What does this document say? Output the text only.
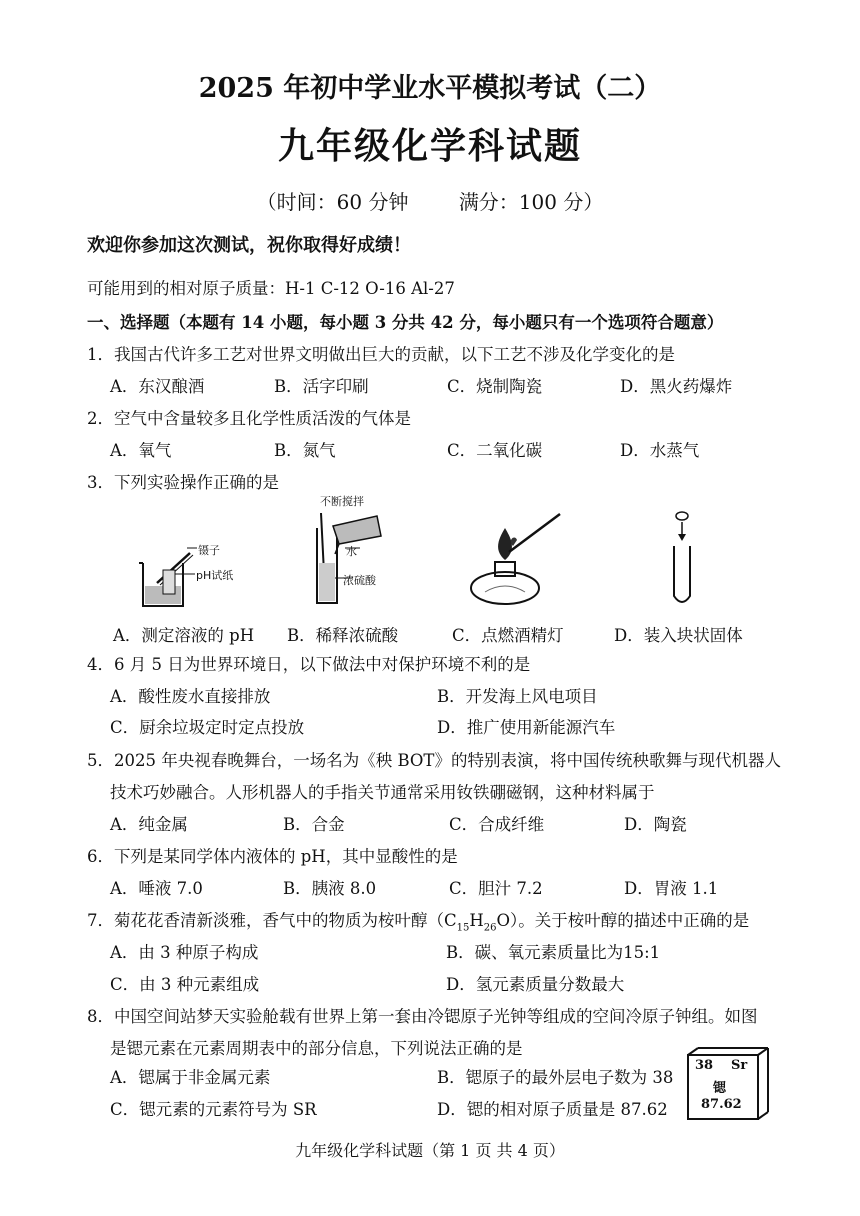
2025 年初中学业水平模拟考试（二）
九年级化学科试题
（时间：60 分钟	满分：100 分）
欢迎你参加这次测试，祝你取得好成绩！
可能用到的相对原子质量：H-1 C-12 O-16 Al-27
一、选择题（本题有 14 小题，每小题 3 分共 42 分，每小题只有一个选项符合题意）
1．我国古代许多工艺对世界文明做出巨大的贡献，以下工艺不涉及化学变化的是
A．东汉酿酒	B．活字印刷	C．烧制陶瓷	D．黑火药爆炸
2．空气中含量较多且化学性质活泼的气体是
A．氧气	B．氮气	C．二氧化碳	D．水蒸气
3．下列实验操作正确的是
镊子
pH试纸
不断搅拌
水
浓硫酸
A．测定溶液的 pH B．稀释浓硫酸	C．点燃酒精灯	D．装入块状固体
4．6 月 5 日为世界环境日，以下做法中对保护环境不利的是
A．酸性废水直接排放	B．开发海上风电项目
C．厨余垃圾定时定点投放	D．推广使用新能源汽车
5．2025 年央视春晚舞台，一场名为《秧 BOT》的特别表演，将中国传统秧歌舞与现代机器人
技术巧妙融合。人形机器人的手指关节通常采用钕铁硼磁钢，这种材料属于
A．纯金属	B．合金	C．合成纤维	D．陶瓷
6．下列是某同学体内液体的 pH，其中显酸性的是
A．唾液 7.0	B．胰液 8.0	C．胆汁 7.2	D．胃液 1.1
7．菊花花香清新淡雅，香气中的物质为桉叶醇$(C_{15}H_{26}O)$。关于桉叶醇的描述中正确的是
A．由 3 种原子构成	B．碳、氧元素质量比为15:1
C．由 3 种元素组成	D．氢元素质量分数最大
8．中国空间站梦天实验舱载有世界上第一套由冷锶原子光钟等组成的空间冷原子钟组。如图
是锶元素在元素周期表中的部分信息，下列说法正确的是
A．锶属于非金属元素	B．锶原子的最外层电子数为 38
C．锶元素的元素符号为 SR	D．锶的相对原子质量是 87.62
38 Sr
锶
87.62
九年级化学科试题（第 1 页 共 4 页）
